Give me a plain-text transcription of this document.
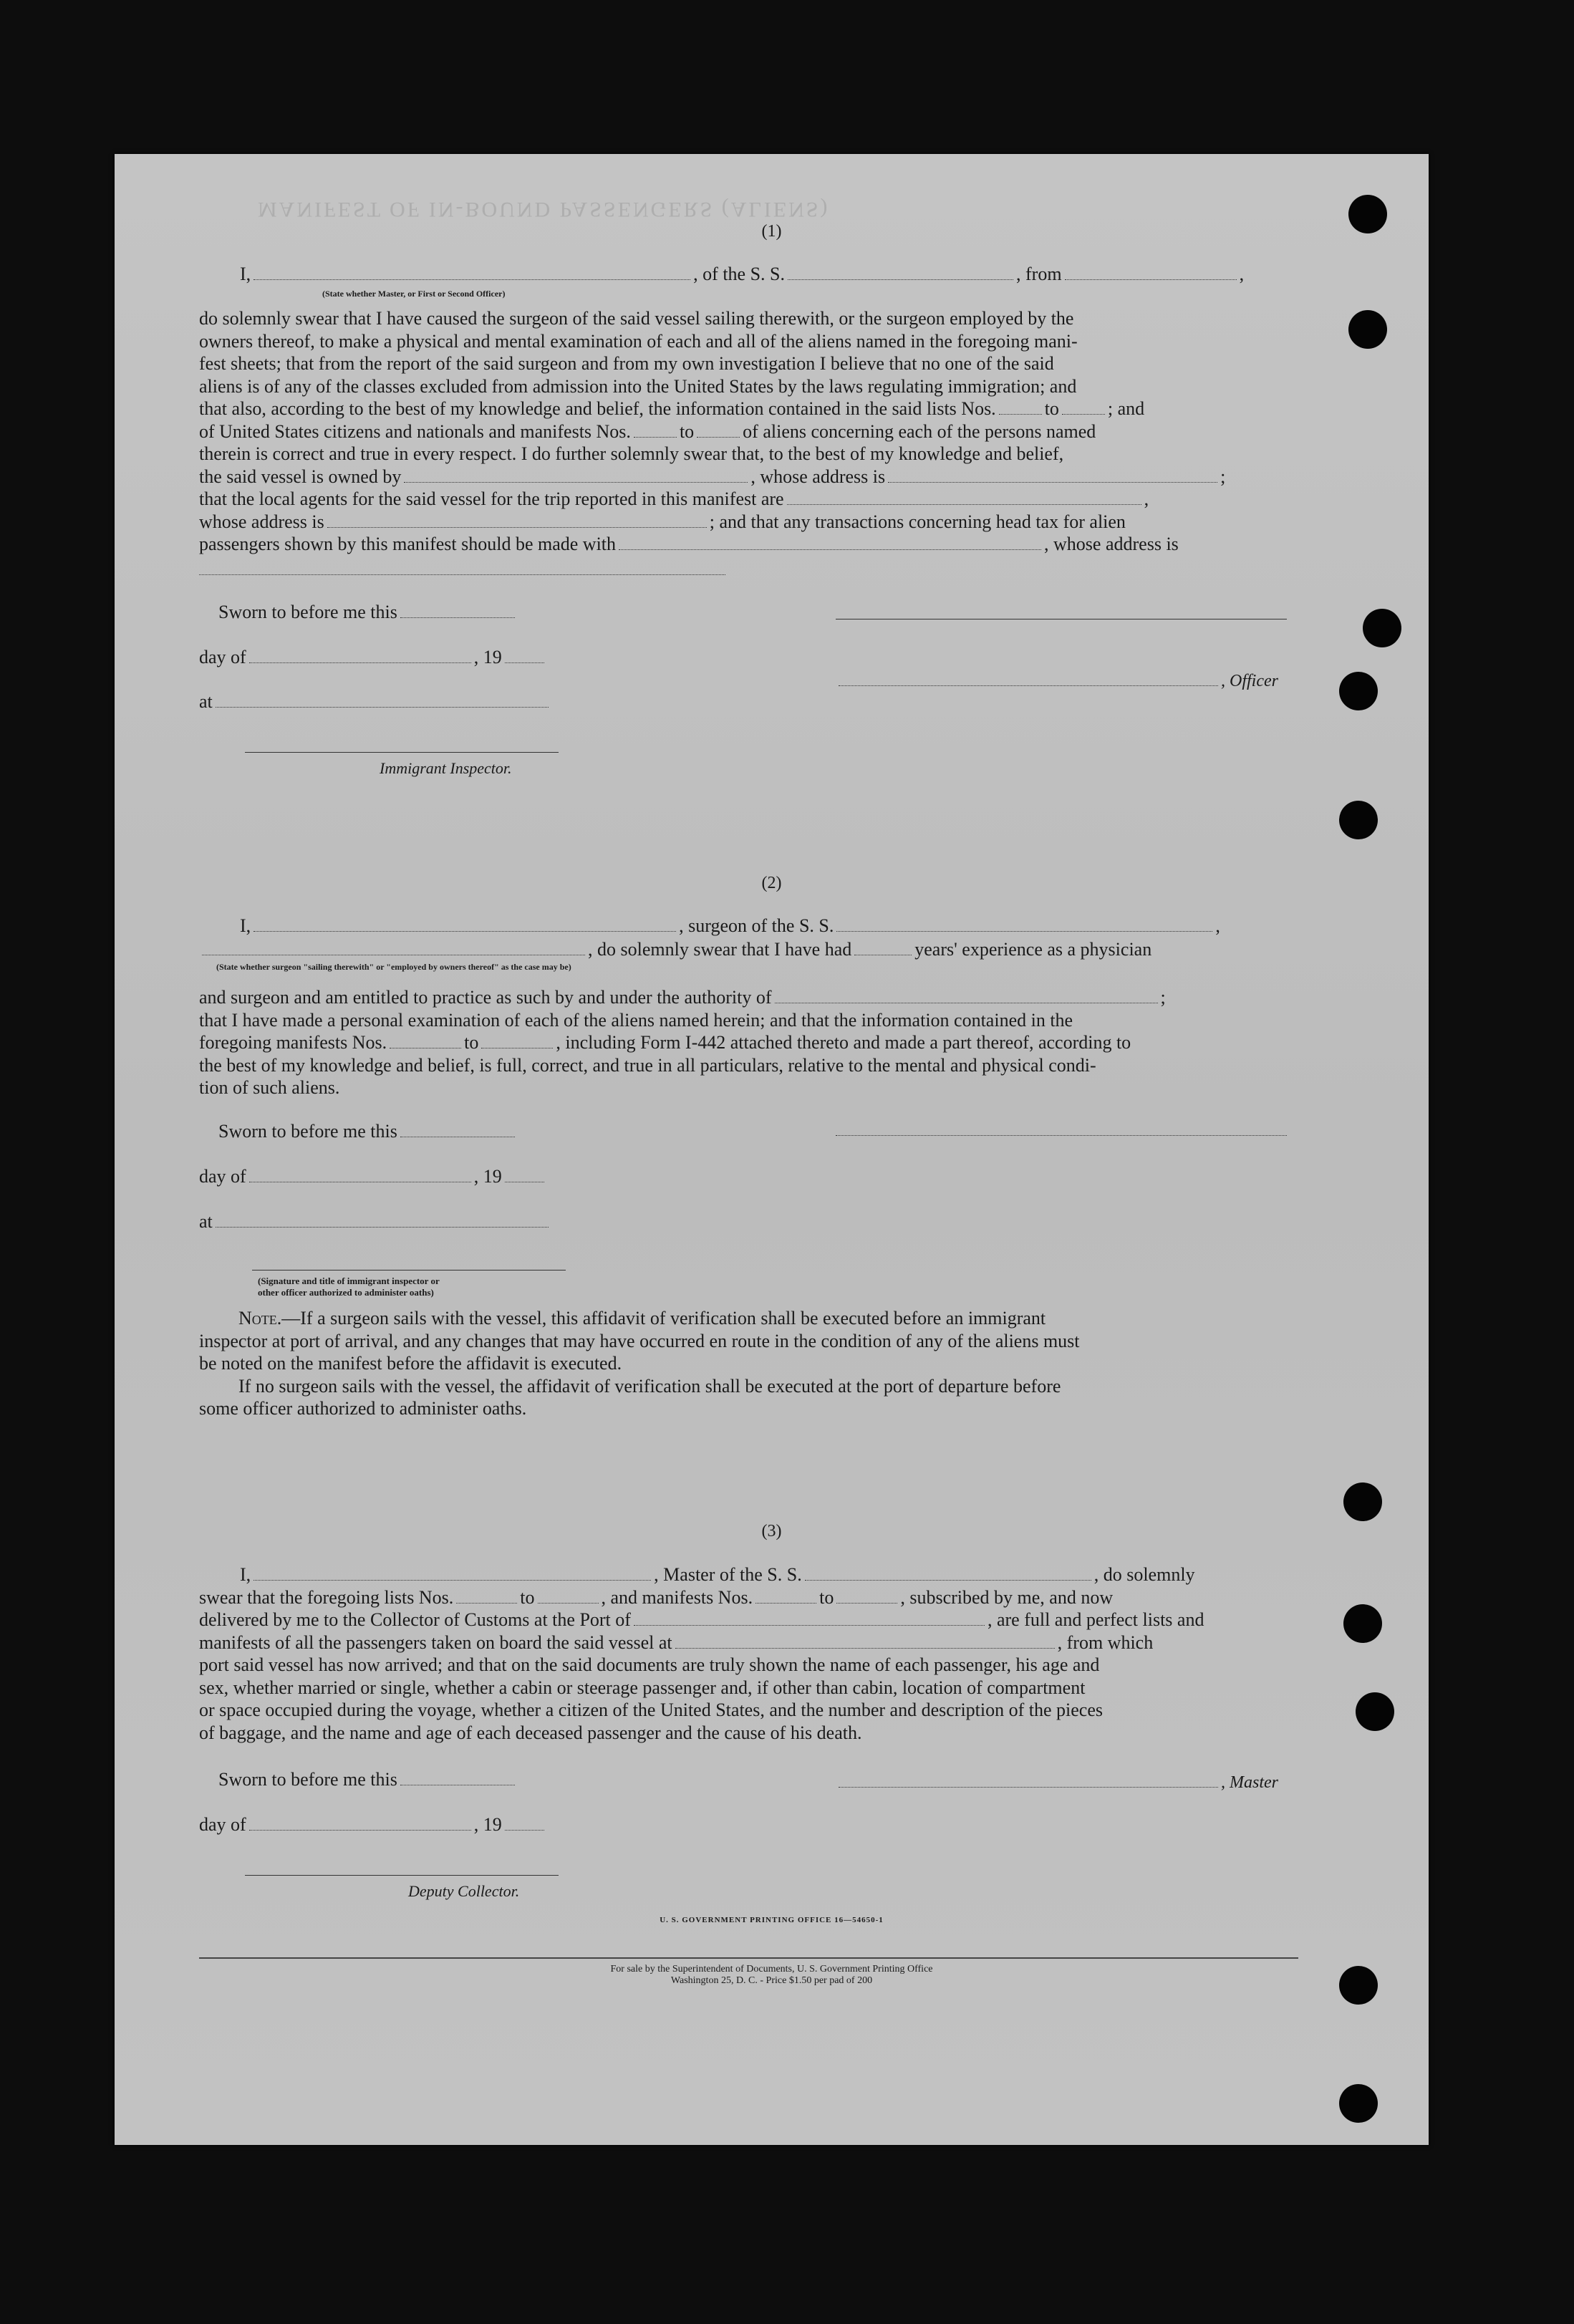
MANIFEST OF IN-BOUND PASSENGERS (ALIENS)
(1)
I,	, of the S. S.	, from	,
(State whether Master, or First or Second Officer)
do solemnly swear that I have caused the surgeon of the said vessel sailing therewith, or the surgeon employed by the
owners thereof, to make a physical and mental examination of each and all of the aliens named in the foregoing mani-
fest sheets; that from the report of the said surgeon and from my own investigation I believe that no one of the said
aliens is of any of the classes excluded from admission into the United States by the laws regulating immigration; and
that also, according to the best of my knowledge and belief, the information contained in the said lists Nos.	to	; and
of United States citizens and nationals and manifests Nos.	to	of aliens concerning each of the persons named
therein is correct and true in every respect. I do further solemnly swear that, to the best of my knowledge and belief,
the said vessel is owned by	, whose address is	;
that the local agents for the said vessel for the trip reported in this manifest are	,
whose address is	; and that any transactions concerning head tax for alien
passengers shown by this manifest should be made with	, whose address is
Sworn to before me this
day of	, 19
at
, Officer
Immigrant Inspector.
(2)
I,	, surgeon of the S. S.	,
, do solemnly swear that I have had	years' experience as a physician
(State whether surgeon "sailing therewith" or "employed by owners thereof" as the case may be)
and surgeon and am entitled to practice as such by and under the authority of	;
that I have made a personal examination of each of the aliens named herein; and that the information contained in the
foregoing manifests Nos.	to	, including Form I-442 attached thereto and made a part thereof, according to
the best of my knowledge and belief, is full, correct, and true in all particulars, relative to the mental and physical condi-
tion of such aliens.
Sworn to before me this
day of	, 19
at
(Signature and title of immigrant inspector or
other officer authorized to administer oaths)
Note.—If a surgeon sails with the vessel, this affidavit of verification shall be executed before an immigrant
inspector at port of arrival, and any changes that may have occurred en route in the condition of any of the aliens must
be noted on the manifest before the affidavit is executed.
If no surgeon sails with the vessel, the affidavit of verification shall be executed at the port of departure before
some officer authorized to administer oaths.
(3)
I,	, Master of the S. S.	, do solemnly
swear that the foregoing lists Nos.	to	, and manifests Nos.	to	, subscribed by me, and now
delivered by me to the Collector of Customs at the Port of	, are full and perfect lists and
manifests of all the passengers taken on board the said vessel at	, from which
port said vessel has now arrived; and that on the said documents are truly shown the name of each passenger, his age and
sex, whether married or single, whether a cabin or steerage passenger and, if other than cabin, location of compartment
or space occupied during the voyage, whether a citizen of the United States, and the number and description of the pieces
of baggage, and the name and age of each deceased passenger and the cause of his death.
Sworn to before me this	, Master
day of	, 19
Deputy Collector.
U. S. GOVERNMENT PRINTING OFFICE 16—54650-1
For sale by the Superintendent of Documents, U. S. Government Printing Office
Washington 25, D. C. - Price $1.50 per pad of 200
